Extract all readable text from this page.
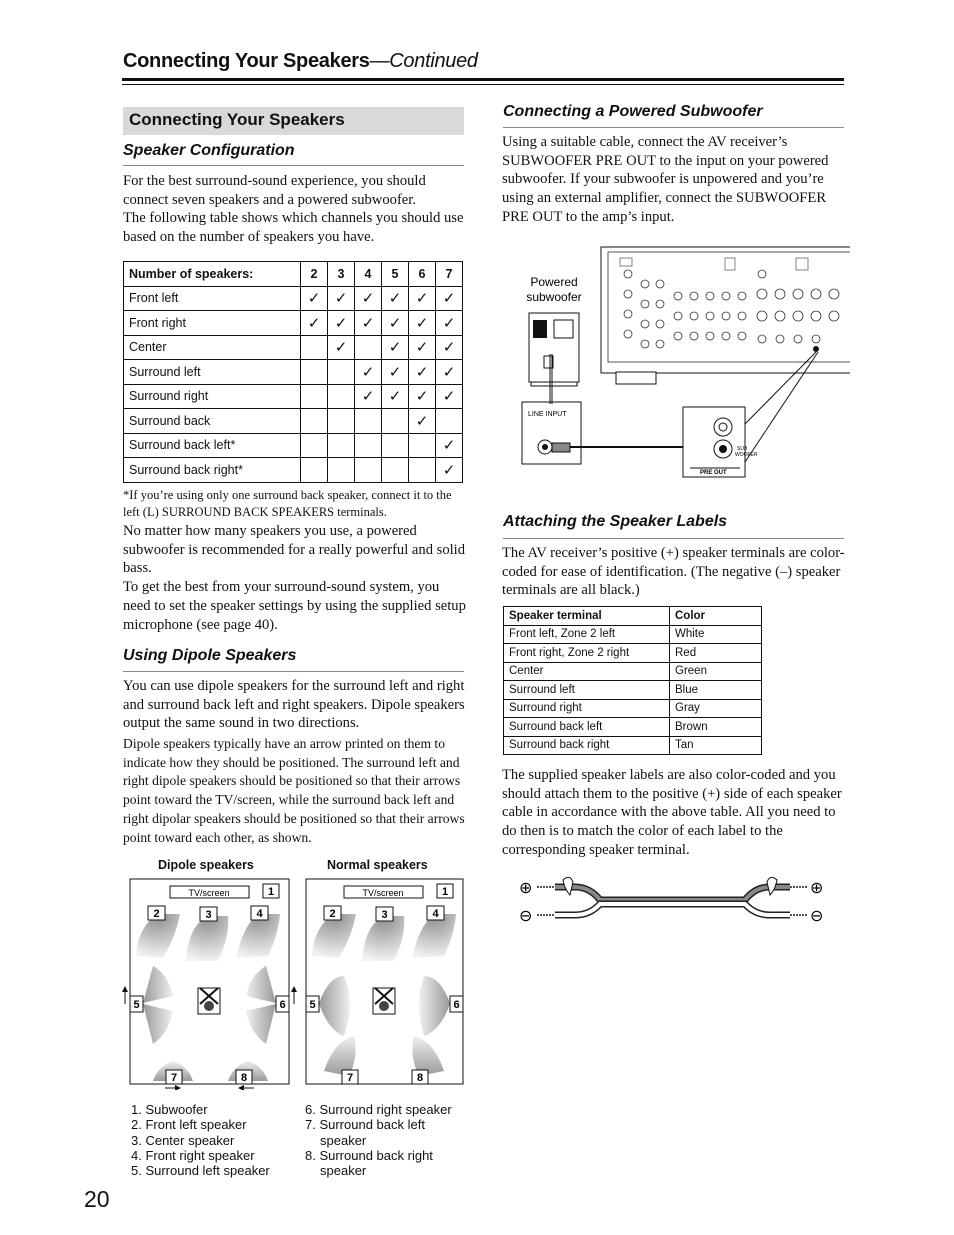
Connecting Your Speakers—Continued
Connecting Your Speakers
Speaker Configuration

For the best surround-sound experience, you should connect seven speakers and a powered subwoofer.

The following table shows which channels you should use based on the number of speakers you have.

Number of speakers:	2	3	4	5	6	7
Front left	✓	✓	✓	✓	✓	✓
Front right	✓	✓	✓	✓	✓	✓
Center		✓		✓	✓	✓
Surround left			✓	✓	✓	✓
Surround right			✓	✓	✓	✓
Surround back					✓	
Surround back left*						✓
Surround back right*						✓
*If you’re using only one surround back speaker, connect it to the left (L) SURROUND BACK SPEAKERS terminals.

No matter how many speakers you use, a powered subwoofer is recommended for a really powerful and solid bass.

To get the best from your surround-sound system, you need to set the speaker settings by using the supplied setup microphone (see page 40).

Using Dipole Speakers
You can use dipole speakers for the surround left and right and surround back left and right speakers. Dipole speakers output the same sound in two directions.
Dipole speakers typically have an arrow printed on them to indicate how they should be positioned. The surround left and right dipole speakers should be positioned so that their arrows point toward the TV/screen, while the surround back left and right dipolar speakers should be positioned so that their arrows point toward each other, as shown.
Dipole speakers	Normal speakers
TV/screen	1
2	3	4
5	6
7	8
TV/screen	1
2	3	4
5	6
7	8
1. Subwoofer
2. Front left speaker
3. Center speaker
4. Front right speaker
5. Surround left speaker
6. Surround right speaker
7. Surround back left
speaker
8. Surround back right
speaker
Connecting a Powered Subwoofer
Using a suitable cable, connect the AV receiver’s SUBWOOFER PRE OUT to the input on your powered subwoofer. If your subwoofer is unpowered and you’re using an external amplifier, connect the SUBWOOFER PRE OUT to the amp’s input.
Powered
subwoofer
LINE INPUT
SUB
WOOFER
PRE OUT
Attaching the Speaker Labels
The AV receiver’s positive (+) speaker terminals are color-coded for ease of identification. (The negative (–) speaker terminals are all black.)
Speaker terminal	Color
Front left, Zone 2 left	White
Front right, Zone 2 right	Red
Center	Green
Surround left	Blue
Surround right	Gray
Surround back left	Brown
Surround back right	Tan
The supplied speaker labels are also color-coded and you should attach them to the positive (+) side of each speaker cable in accordance with the above table. All you need to do then is to match the color of each label to the corresponding speaker terminal.
⊕
⊖
⊕
⊖
20
